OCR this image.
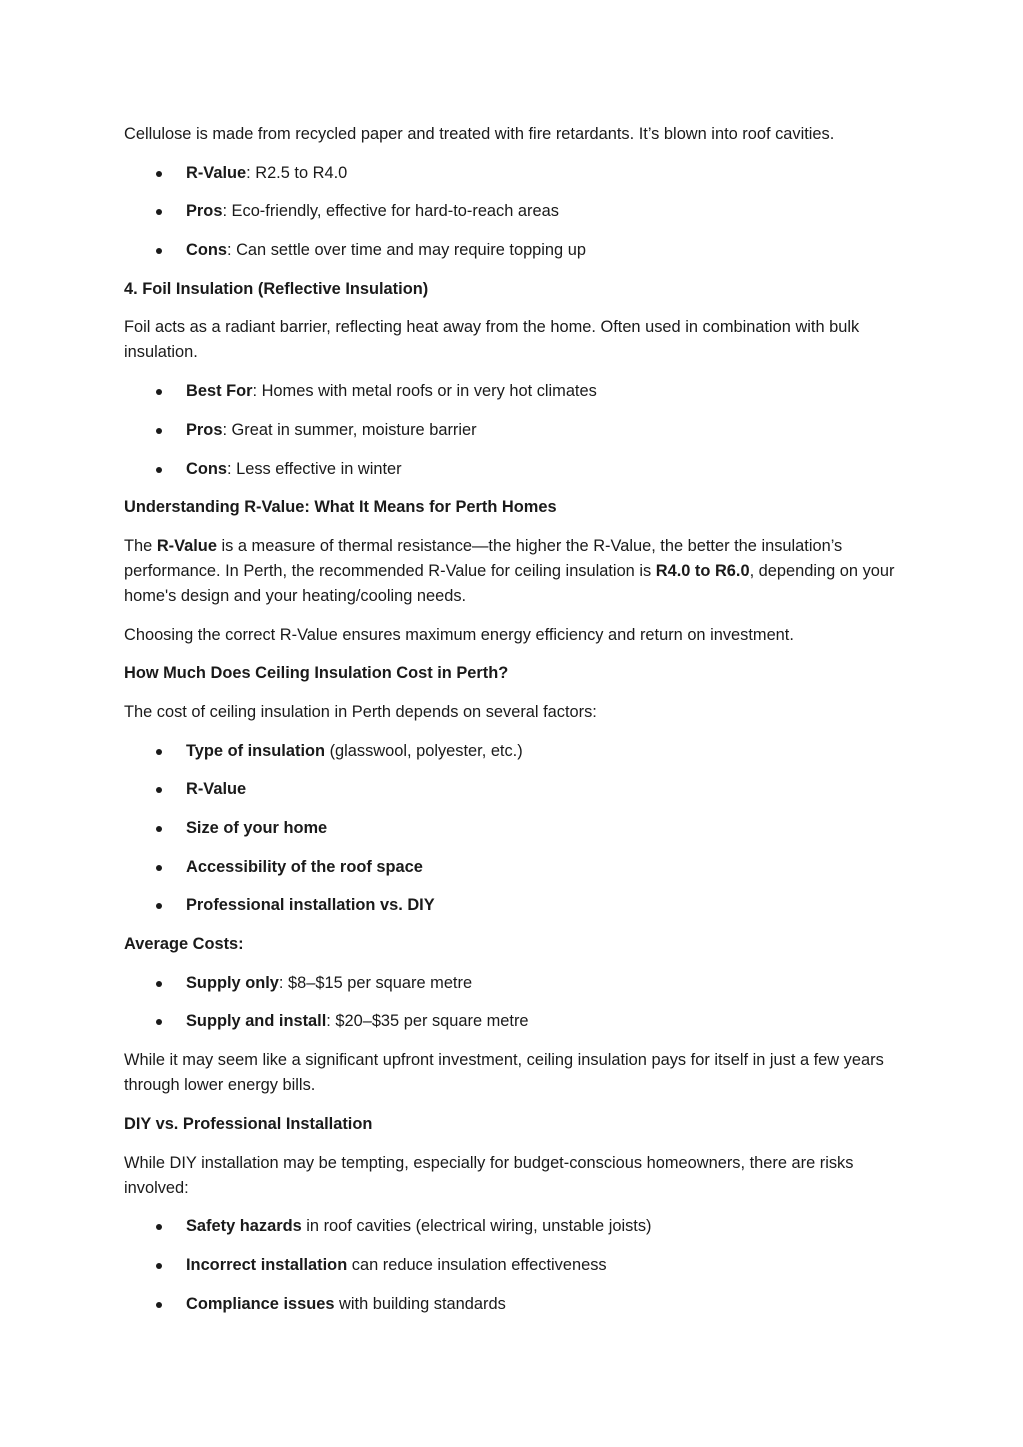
Cellulose is made from recycled paper and treated with fire retardants. It’s blown into roof cavities.

R-Value: R2.5 to R4.0
Pros: Eco-friendly, effective for hard-to-reach areas
Cons: Can settle over time and may require topping up
4. Foil Insulation (Reflective Insulation)

Foil acts as a radiant barrier, reflecting heat away from the home. Often used in combination with bulk insulation.

Best For: Homes with metal roofs or in very hot climates
Pros: Great in summer, moisture barrier
Cons: Less effective in winter
Understanding R-Value: What It Means for Perth Homes

The R-Value is a measure of thermal resistance—the higher the R-Value, the better the insulation’s performance. In Perth, the recommended R-Value for ceiling insulation is R4.0 to R6.0, depending on your home's design and your heating/cooling needs.

Choosing the correct R-Value ensures maximum energy efficiency and return on investment.

How Much Does Ceiling Insulation Cost in Perth?

The cost of ceiling insulation in Perth depends on several factors:

Type of insulation (glasswool, polyester, etc.)
R-Value
Size of your home
Accessibility of the roof space
Professional installation vs. DIY
Average Costs:
Supply only: $8–$15 per square metre
Supply and install: $20–$35 per square metre

While it may seem like a significant upfront investment, ceiling insulation pays for itself in just a few years through lower energy bills.

DIY vs. Professional Installation

While DIY installation may be tempting, especially for budget-conscious homeowners, there are risks involved:

Safety hazards in roof cavities (electrical wiring, unstable joists)
Incorrect installation can reduce insulation effectiveness
Compliance issues with building standards
